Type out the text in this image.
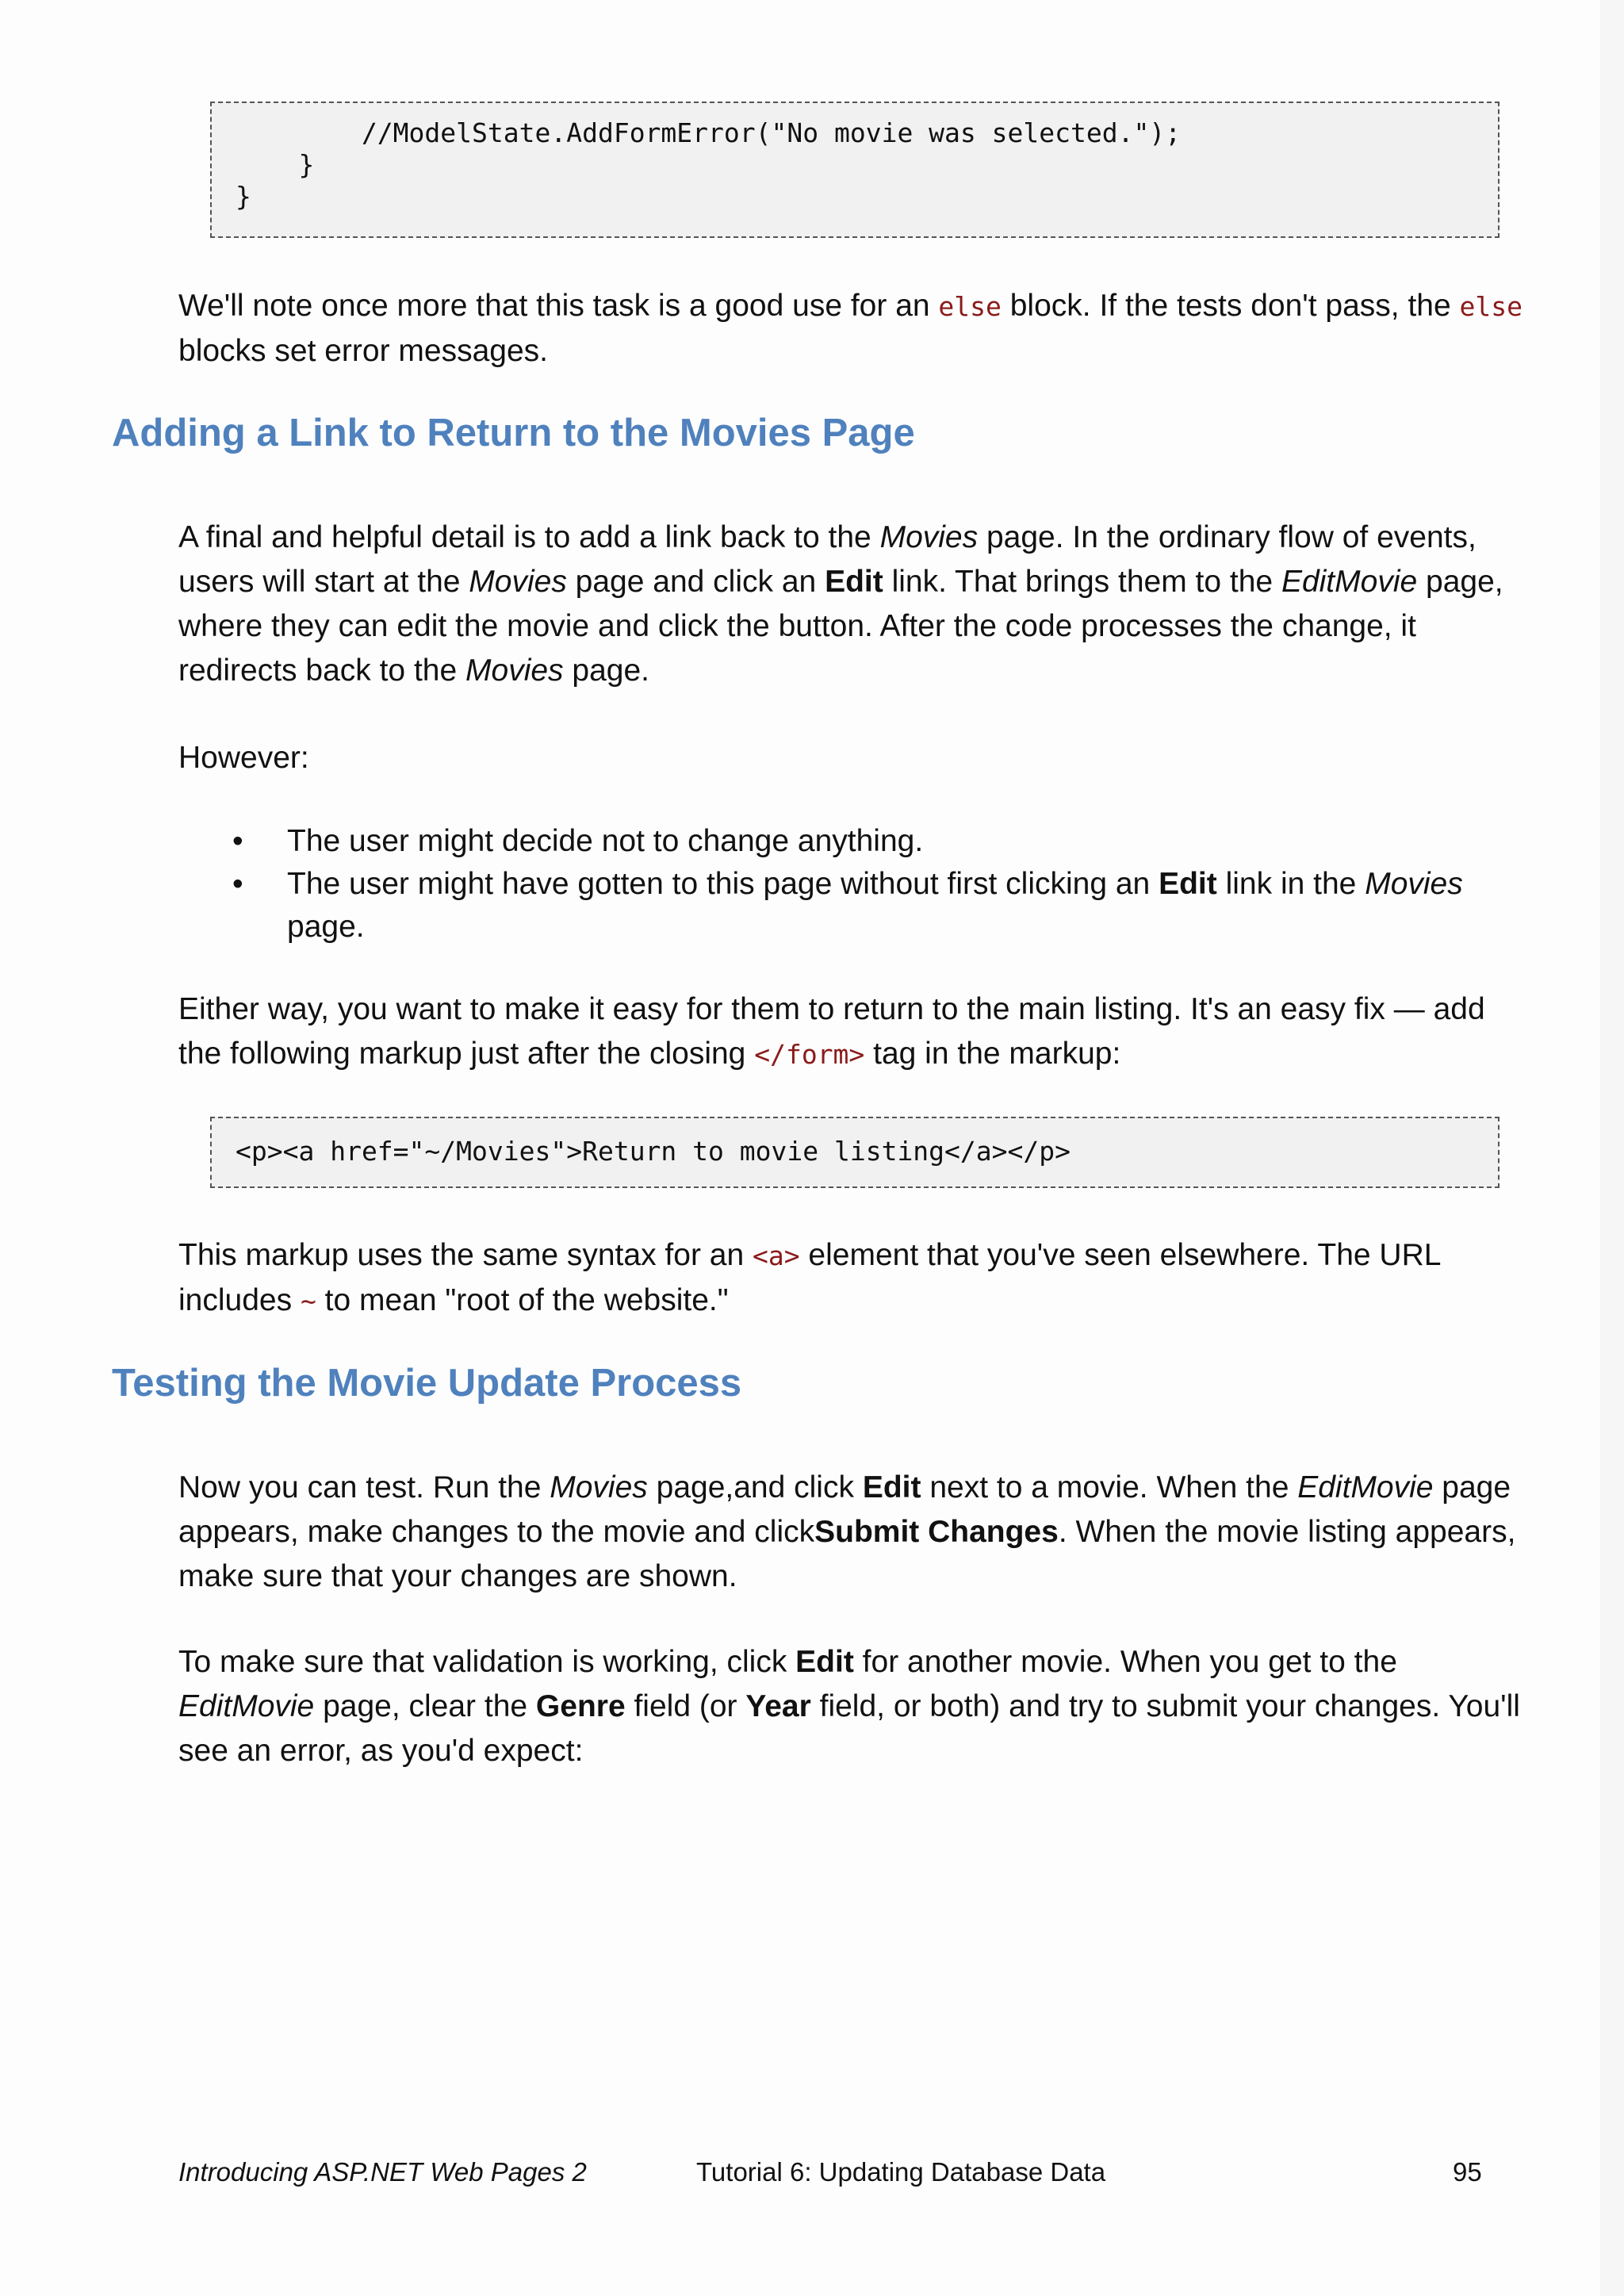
//ModelState.AddFormError("No movie was selected.");
}
}
We'll note once more that this task is a good use for an else block. If the tests don't pass, the else blocks set error messages.
Adding a Link to Return to the Movies Page
A final and helpful detail is to add a link back to the Movies page. In the ordinary flow of events, users will start at the Movies page and click an Edit link. That brings them to the EditMovie page, where they can edit the movie and click the button. After the code processes the change, it redirects back to the Movies page.
However:
• The user might decide not to change anything.
• The user might have gotten to this page without first clicking an Edit link in the Movies page.
Either way, you want to make it easy for them to return to the main listing. It's an easy fix — add the following markup just after the closing </form> tag in the markup:
<p><a href="~/Movies">Return to movie listing</a></p>
This markup uses the same syntax for an <a> element that you've seen elsewhere. The URL includes ~ to mean "root of the website."
Testing the Movie Update Process
Now you can test. Run the Movies page,and click Edit next to a movie. When the EditMovie page appears, make changes to the movie and clickSubmit Changes. When the movie listing appears, make sure that your changes are shown.
To make sure that validation is working, click Edit for another movie. When you get to the EditMovie page, clear the Genre field (or Year field, or both) and try to submit your changes. You'll see an error, as you'd expect:
Introducing ASP.NET Web Pages 2	Tutorial 6: Updating Database Data	95
